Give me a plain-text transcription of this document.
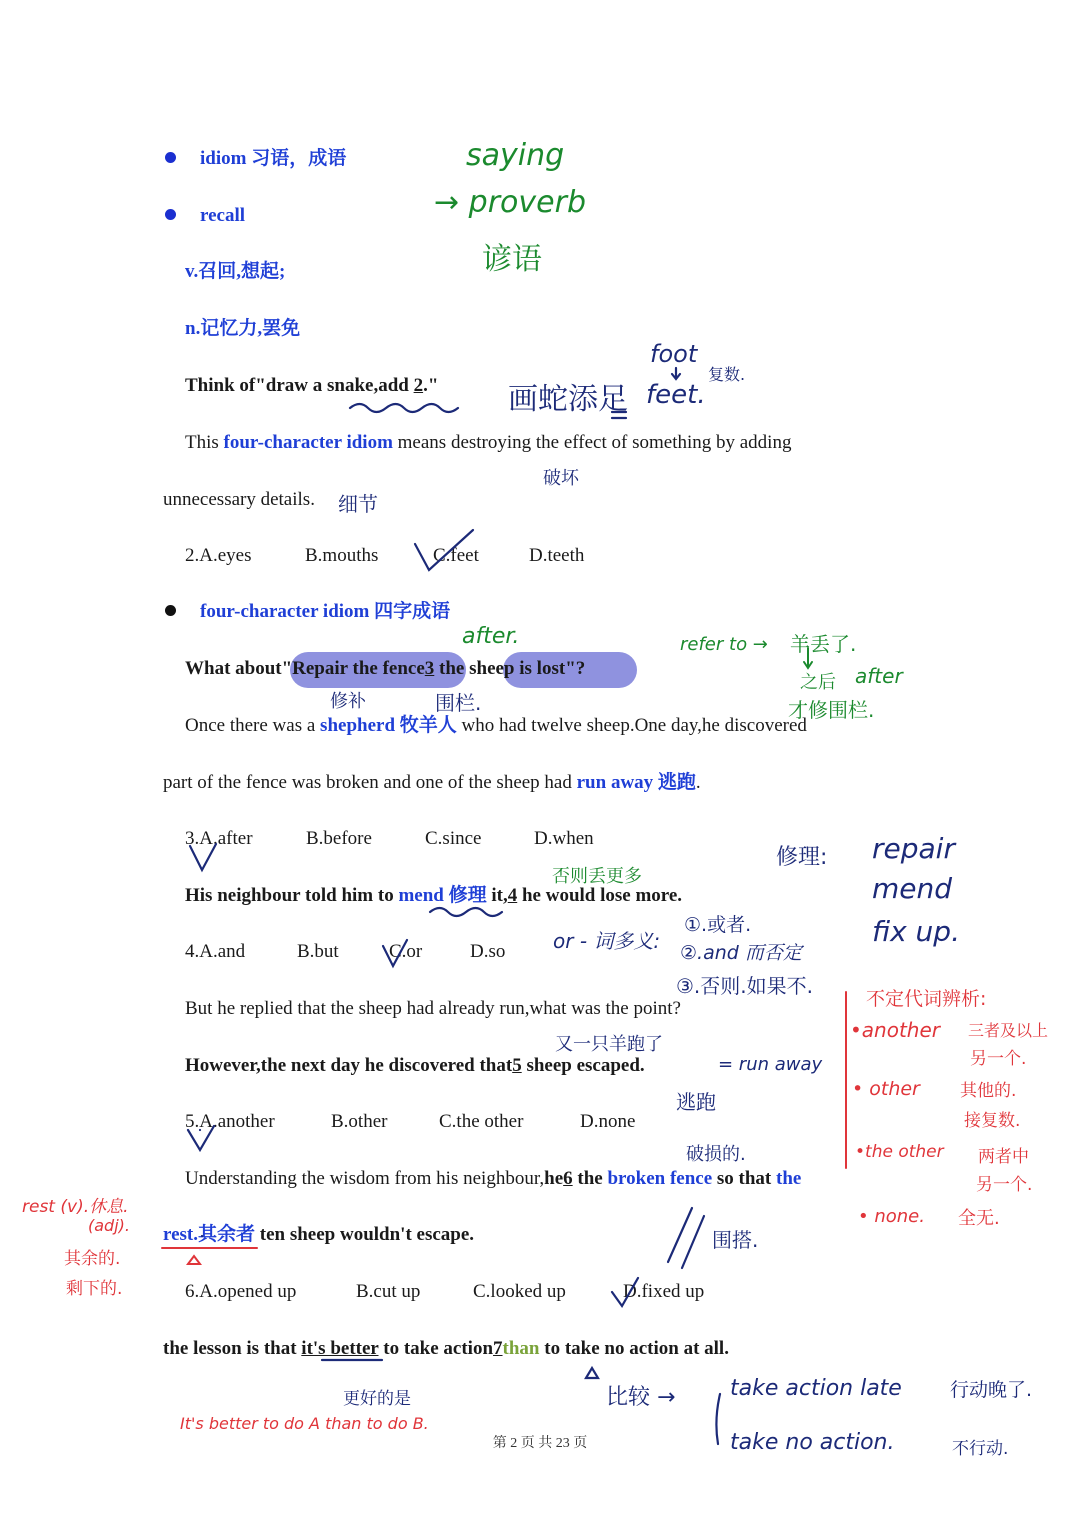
idiom 习语，成语
recall
v.召回,想起;
n.记忆力,罢免
Think of"draw a snake,add 2."
This four-character idiom means destroying the effect of something by adding
unnecessary details.
2.A.eyes	B.mouths	C.feet	D.teeth
four-character idiom 四字成语
What about"Repair the fence3 the sheep is lost"?
Once there was a shepherd 牧羊人 who had twelve sheep.One day,he discovered
part of the fence was broken and one of the sheep had run away 逃跑.
3.A.after	B.before	C.since	D.when
His neighbour told him to mend 修理 it,4 he would lose more.
4.A.and	B.but	C.or	D.so
But he replied that the sheep had already run,what was the point?
However,the next day he discovered that5 sheep escaped.
5.A.another	B.other	C.the other	D.none
Understanding the wisdom from his neighbour,he6 the broken fence so that the
rest.其余者 ten sheep wouldn't escape.
6.A.opened up	B.cut up	C.looked up	D.fixed up
the lesson is that it's better to take action7than to take no action at all.
第 2 页 共 23 页
saying
→ proverb
谚语
foot
复数.
feet.
画蛇添足
破坏
细节
after.
修补	围栏.
refer to → 羊丢了.
之后 after
才修围栏.
修理: repair
mend
fix up.
否则丢更多
or - 词多义:
①.或者.
②.and 而否定
③.否则.如果不.
不定代词辨析:
•another 三者及以上
另一个.
• other 其他的.
接复数.
•the other 两者中
另一个.
• none. 全无.
又一只羊跑了
= run away
逃跑
破损的.
围搭.
rest (v).休息.
(adj).
其余的.
剩下的.
更好的是
It's better to do A than to do B.
比较 → take action late	行动晚了.
take no action.	不行动.
